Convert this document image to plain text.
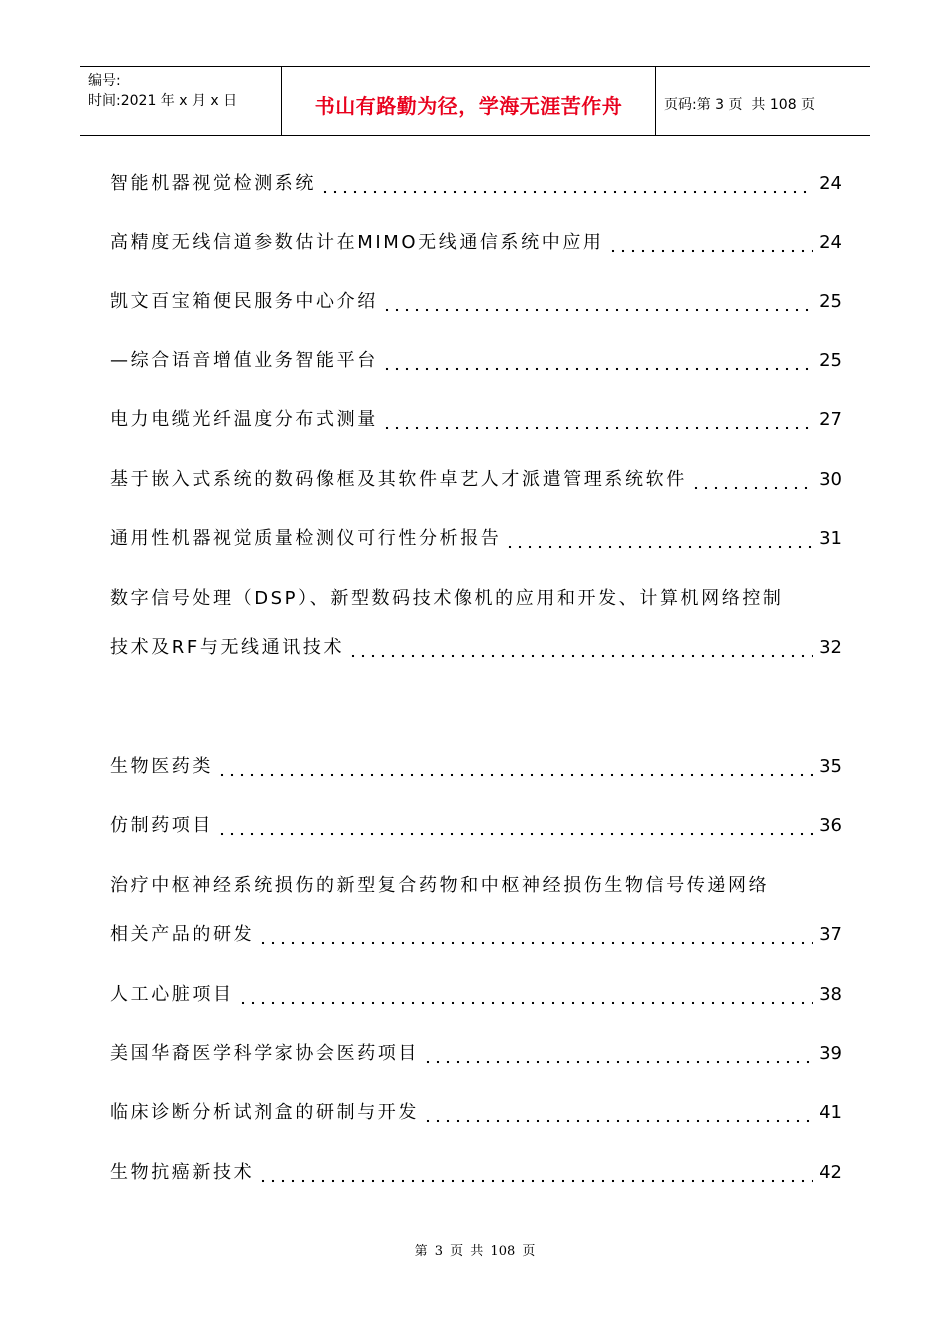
编号:
时间:2021 年 x 月 x 日	书山有路勤为径，学海无涯苦作舟	页码:第 3 页  共 108 页
智能机器视觉检测系统	24
高精度无线信道参数估计在MIMO无线通信系统中应用	24
凯文百宝箱便民服务中心介绍	25
—综合语音增值业务智能平台	25
电力电缆光纤温度分布式测量	27
基于嵌入式系统的数码像框及其软件卓艺人才派遣管理系统软件	30
通用性机器视觉质量检测仪可行性分析报告	31
数字信号处理（DSP）、新型数码技术像机的应用和开发、计算机网络控制
技术及RF与无线通讯技术	32
生物医药类	35
仿制药项目	36
治疗中枢神经系统损伤的新型复合药物和中枢神经损伤生物信号传递网络
相关产品的研发	37
人工心脏项目	38
美国华裔医学科学家协会医药项目	39
临床诊断分析试剂盒的研制与开发	41
生物抗癌新技术	42
第 3 页 共 108 页
